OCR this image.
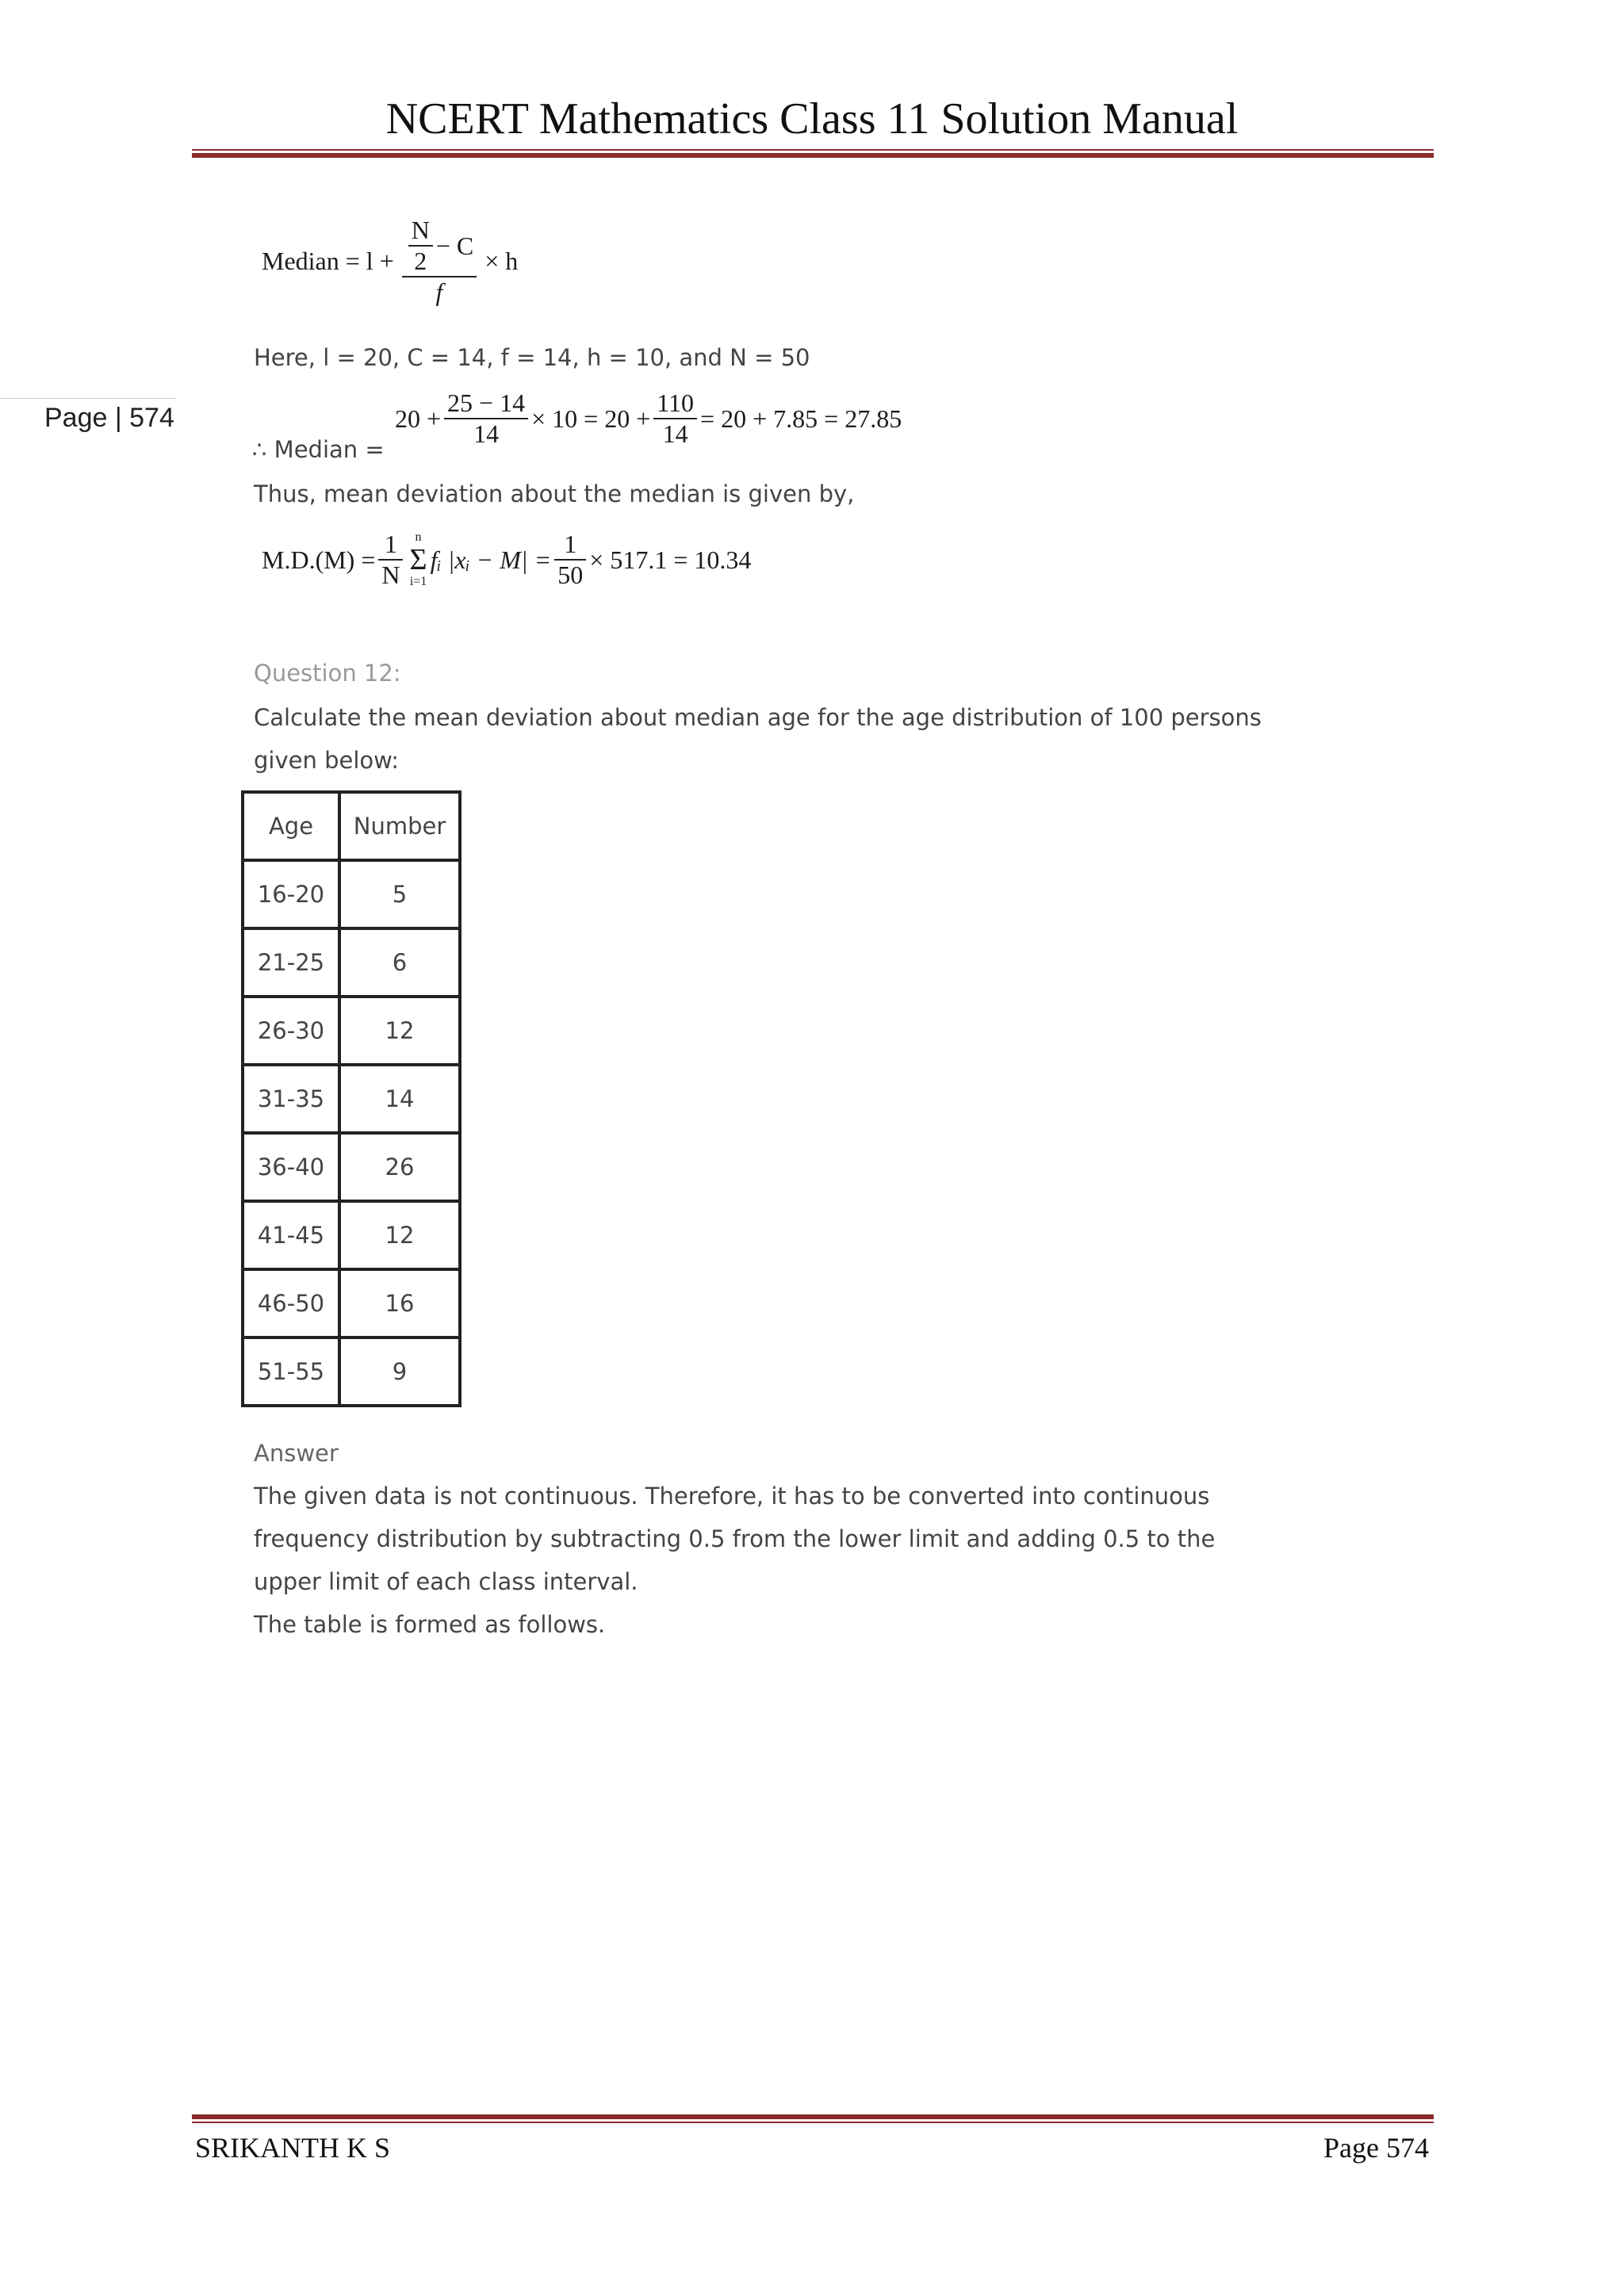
NCERT Mathematics Class 11 Solution Manual
Page | 574
Median = $l + \frac{\frac{N}{2} - C}{f} \times h$
Here, l = 20, C = 14, f = 14, h = 10, and N = 50
∴ Median =
$20 + \frac{25 - 14}{14} \times 10 = 20 + \frac{110}{14} = 20 + 7.85 = 27.85$
Thus, mean deviation about the median is given by,
$M.D.(M) = \frac{1}{N}$ n
Σ
i=1
fᵢ |xᵢ − $M| = \frac{1}{50} \times 517.1 = 10.34$
Question 12:
Calculate the mean deviation about median age for the age distribution of 100 persons
given below:
Age	Number
16-20	5
21-25	6
26-30	12
31-35	14
36-40	26
41-45	12
46-50	16
51-55	9
Answer
The given data is not continuous. Therefore, it has to be converted into continuous
frequency distribution by subtracting 0.5 from the lower limit and adding 0.5 to the
upper limit of each class interval.
The table is formed as follows.
SRIKANTH K S	Page 574
